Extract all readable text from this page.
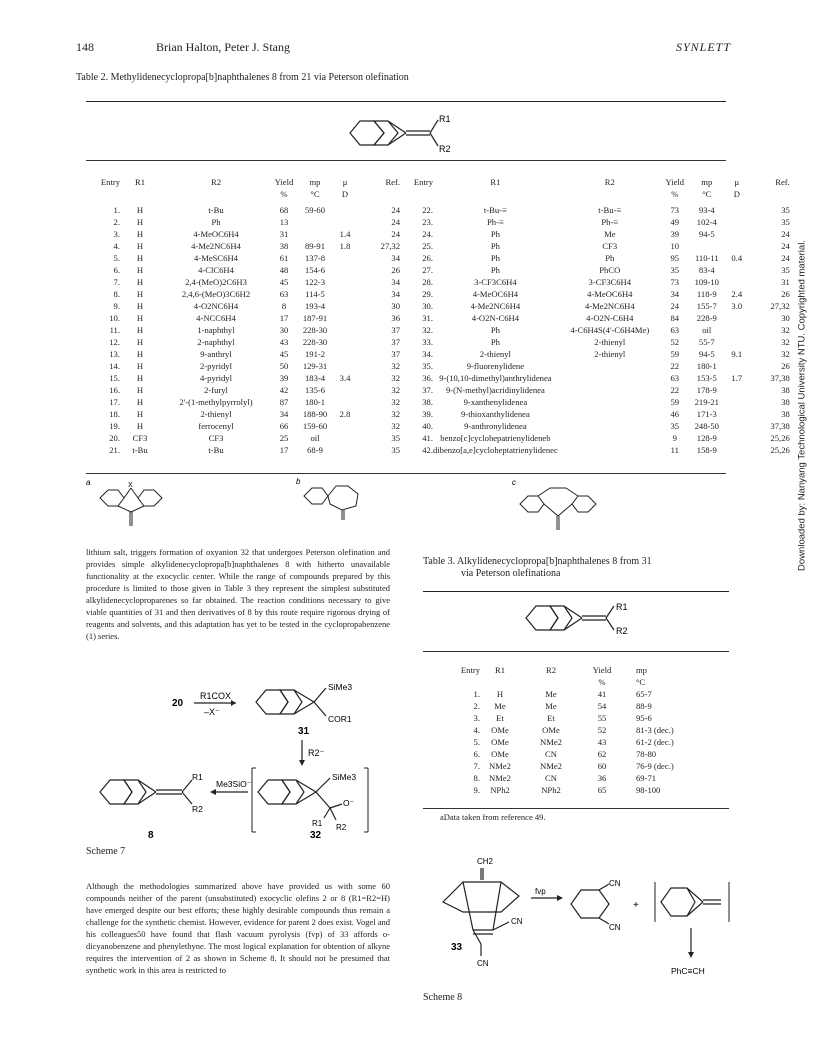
148	Brian Halton, Peter J. Stang	SYNLETT
Table 2. Methylidenecyclopropa[b]naphthalenes 8 from 21 via Peterson olefination
R1
R2
Entry	R1	R2	Yield	mp	μ	Ref.
			%	°C	D	

1.	H	t-Bu	68	59-60		24
2.	H	Ph	13			24
3.	H	4-MeOC6H4	31		1.4	24
4.	H	4-Me2NC6H4	38	89-91	1.8	27,32
5.	H	4-MeSC6H4	61	137-8		34
6.	H	4-ClC6H4	48	154-6		26
7.	H	2,4-(MeO)2C6H3	45	122-3		34
8.	H	2,4,6-(MeO)3C6H2	63	114-5		34
9.	H	4-O2NC6H4	8	193-4		30
10.	H	4-NCC6H4	17	187-91		36
11.	H	1-naphthyl	30	228-30		37
12.	H	2-naphthyl	43	228-30		37
13.	H	9-anthryl	45	191-2		37
14.	H	2-pyridyl	50	129-31		32
15.	H	4-pyridyl	39	183-4	3.4	32
16.	H	2-furyl	42	135-6		32
17.	H	2'-(1-methylpyrrolyl)	87	180-1		32
18.	H	2-thienyl	34	188-90	2.8	32
19.	H	ferrocenyl	66	159-60		32
20.	CF3	CF3	25	oil		35
21.	t-Bu	t-Bu	17	68-9		35
Entry	R1	R2	Yield	mp	μ	Ref.
			%	°C	D	

22.	t-Bu-≡	t-Bu-≡	73	93-4		35
23.	Ph-≡	Ph-≡	49	102-4		35
24.	Ph	Me	39	94-5		24
25.	Ph	CF3	10			24
26.	Ph	Ph	95	110-11	0.4	24
27.	Ph	PhCO	35	83-4		35
28.	3-CF3C6H4	3-CF3C6H4	73	109-10		31
29.	4-MeOC6H4	4-MeOC6H4	34	118-9	2.4	26
30.	4-Me2NC6H4	4-Me2NC6H4	24	155-7	3.0	27,32
31.	4-O2N-C6H4	4-O2N-C6H4	84	228-9		30
32.	Ph	4-C6H4S(4'-C6H4Me)	63	oil		32
33.	Ph	2-thienyl	52	55-7		32
34.	2-thienyl	2-thienyl	59	94-5	9.1	32
35.	9-fluorenylidene		22	180-1		26
36.	9-(10,10-dimethyl)anthrylidenea		63	153-5	1.7	37,38
37.	9-(N-methyl)acridinylidenea		22	178-9		38
38.	9-xanthenylidenea		59	219-21		38
39.	9-thioxanthylidenea		46	171-3		38
40.	9-anthronylidenea		35	248-50		37,38
41.	benzo[c]cyclohepatrienylideneb		9	128-9		25,26
42.	dibenzo[a,e]cycloheptatrienylidenec		11	158-9		25,26
a	X	b	c
lithium salt, triggers formation of oxyanion 32 that undergoes Peterson olefination and provides simple alkylidenecyclopropa[b]naphthalenes 8 with hitherto unavailable functionality at the exocyclic center. While the range of compounds prepared by this procedure is limited to those given in Table 3 they represent the simplest substituted alkylidenecycloproparenes so far obtained. The reaction conditions necessary to give viable quantities of 31 and then derivatives of 8 by this route require rigorous drying of reagents and solvents, and this adaptation has yet to be tested in the cyclopropabenzene (1) series.
20
R1COX
–X⁻
SiMe3
COR1
31
R2⁻
SiMe3
O⁻
R1 R2
32
Me3SiO⁻
R1
R2
8
Scheme 7
Although the methodologies summarized above have provided us with some 60 compounds neither of the parent (unsubstituted) exocyclic olefins 2 or 8 (R1=R2=H) have emerged despite our best efforts; these highly desirable compounds thus remain a challenge for the synthetic chemist. However, evidence for parent 2 does exist. Vogel and his colleagues50 have found that flash vacuum pyrolysis (fvp) of 33 affords o-dicyanobenzene and phenylethyne. The most logical explanation for obtention of alkyne requires the intervention of 2 as shown in Scheme 8. It should not be presumed that synthetic work in this area is restricted to
Table 3. Alkylidenecyclopropa[b]naphthalenes 8 from 31
via Peterson olefinationa
R1
R2
Entry	R1	R2	Yield	mp
			%	°C
1.	H	Me	41	65-7
2.	Me	Me	54	88-9
3.	Et	Et	55	95-6
4.	OMe	OMe	52	81-3 (dec.)
5.	OMe	NMe2	43	61-2 (dec.)
6.	OMe	CN	62	78-80
7.	NMe2	NMe2	60	76-9 (dec.)
8.	NMe2	CN	36	69-71
9.	NPh2	NPh2	65	98-100
aData taken from reference 49.
CH2
CN
CN
33
fvp
CN
CN
+
PhC≡CH
Scheme 8
Downloaded by: Nanyang Technological University NTU. Copyrighted material.
